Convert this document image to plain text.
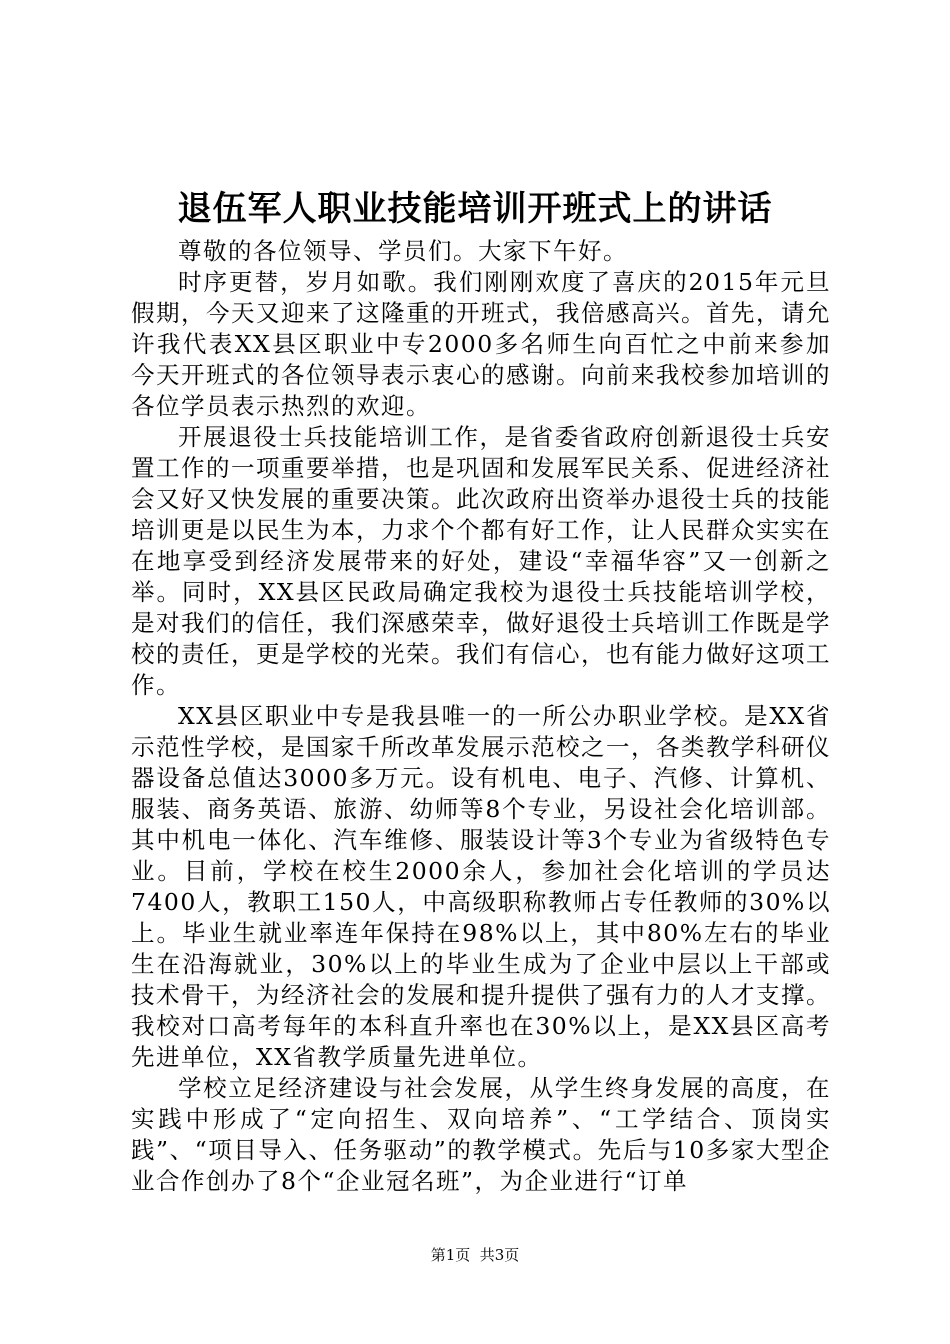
退伍军人职业技能培训开班式上的讲话

尊敬的各位领导、学员们。大家下午好。

时序更替，岁月如歌。我们刚刚欢度了喜庆的2015年元旦假期，今天又迎来了这隆重的开班式，我倍感高兴。首先，请允许我代表XX县区职业中专2000多名师生向百忙之中前来参加今天开班式的各位领导表示衷心的感谢。向前来我校参加培训的各位学员表示热烈的欢迎。

开展退役士兵技能培训工作，是省委省政府创新退役士兵安置工作的一项重要举措，也是巩固和发展军民关系、促进经济社会又好又快发展的重要决策。此次政府出资举办退役士兵的技能培训更是以民生为本，力求个个都有好工作，让人民群众实实在在地享受到经济发展带来的好处，建设“幸福华容”又一创新之举。同时，XX县区民政局确定我校为退役士兵技能培训学校，是对我们的信任，我们深感荣幸，做好退役士兵培训工作既是学校的责任，更是学校的光荣。我们有信心，也有能力做好这项工作。

XX县区职业中专是我县唯一的一所公办职业学校。是XX省示范性学校，是国家千所改革发展示范校之一，各类教学科研仪器设备总值达3000多万元。设有机电、电子、汽修、计算机、服装、商务英语、旅游、幼师等8个专业，另设社会化培训部。其中机电一体化、汽车维修、服装设计等3个专业为省级特色专业。目前，学校在校生2000余人，参加社会化培训的学员达7400人，教职工150人，中高级职称教师占专任教师的30%以上。毕业生就业率连年保持在98%以上，其中80%左右的毕业生在沿海就业，30%以上的毕业生成为了企业中层以上干部或技术骨干，为经济社会的发展和提升提供了强有力的人才支撑。我校对口高考每年的本科直升率也在30%以上，是XX县区高考先进单位，XX省教学质量先进单位。

学校立足经济建设与社会发展，从学生终身发展的高度，在实践中形成了“定向招生、双向培养”、“工学结合、顶岗实践”、“项目导入、任务驱动”的教学模式。先后与10多家大型企业合作创办了8个“企业冠名班”，为企业进行“订单

第1页  共3页
